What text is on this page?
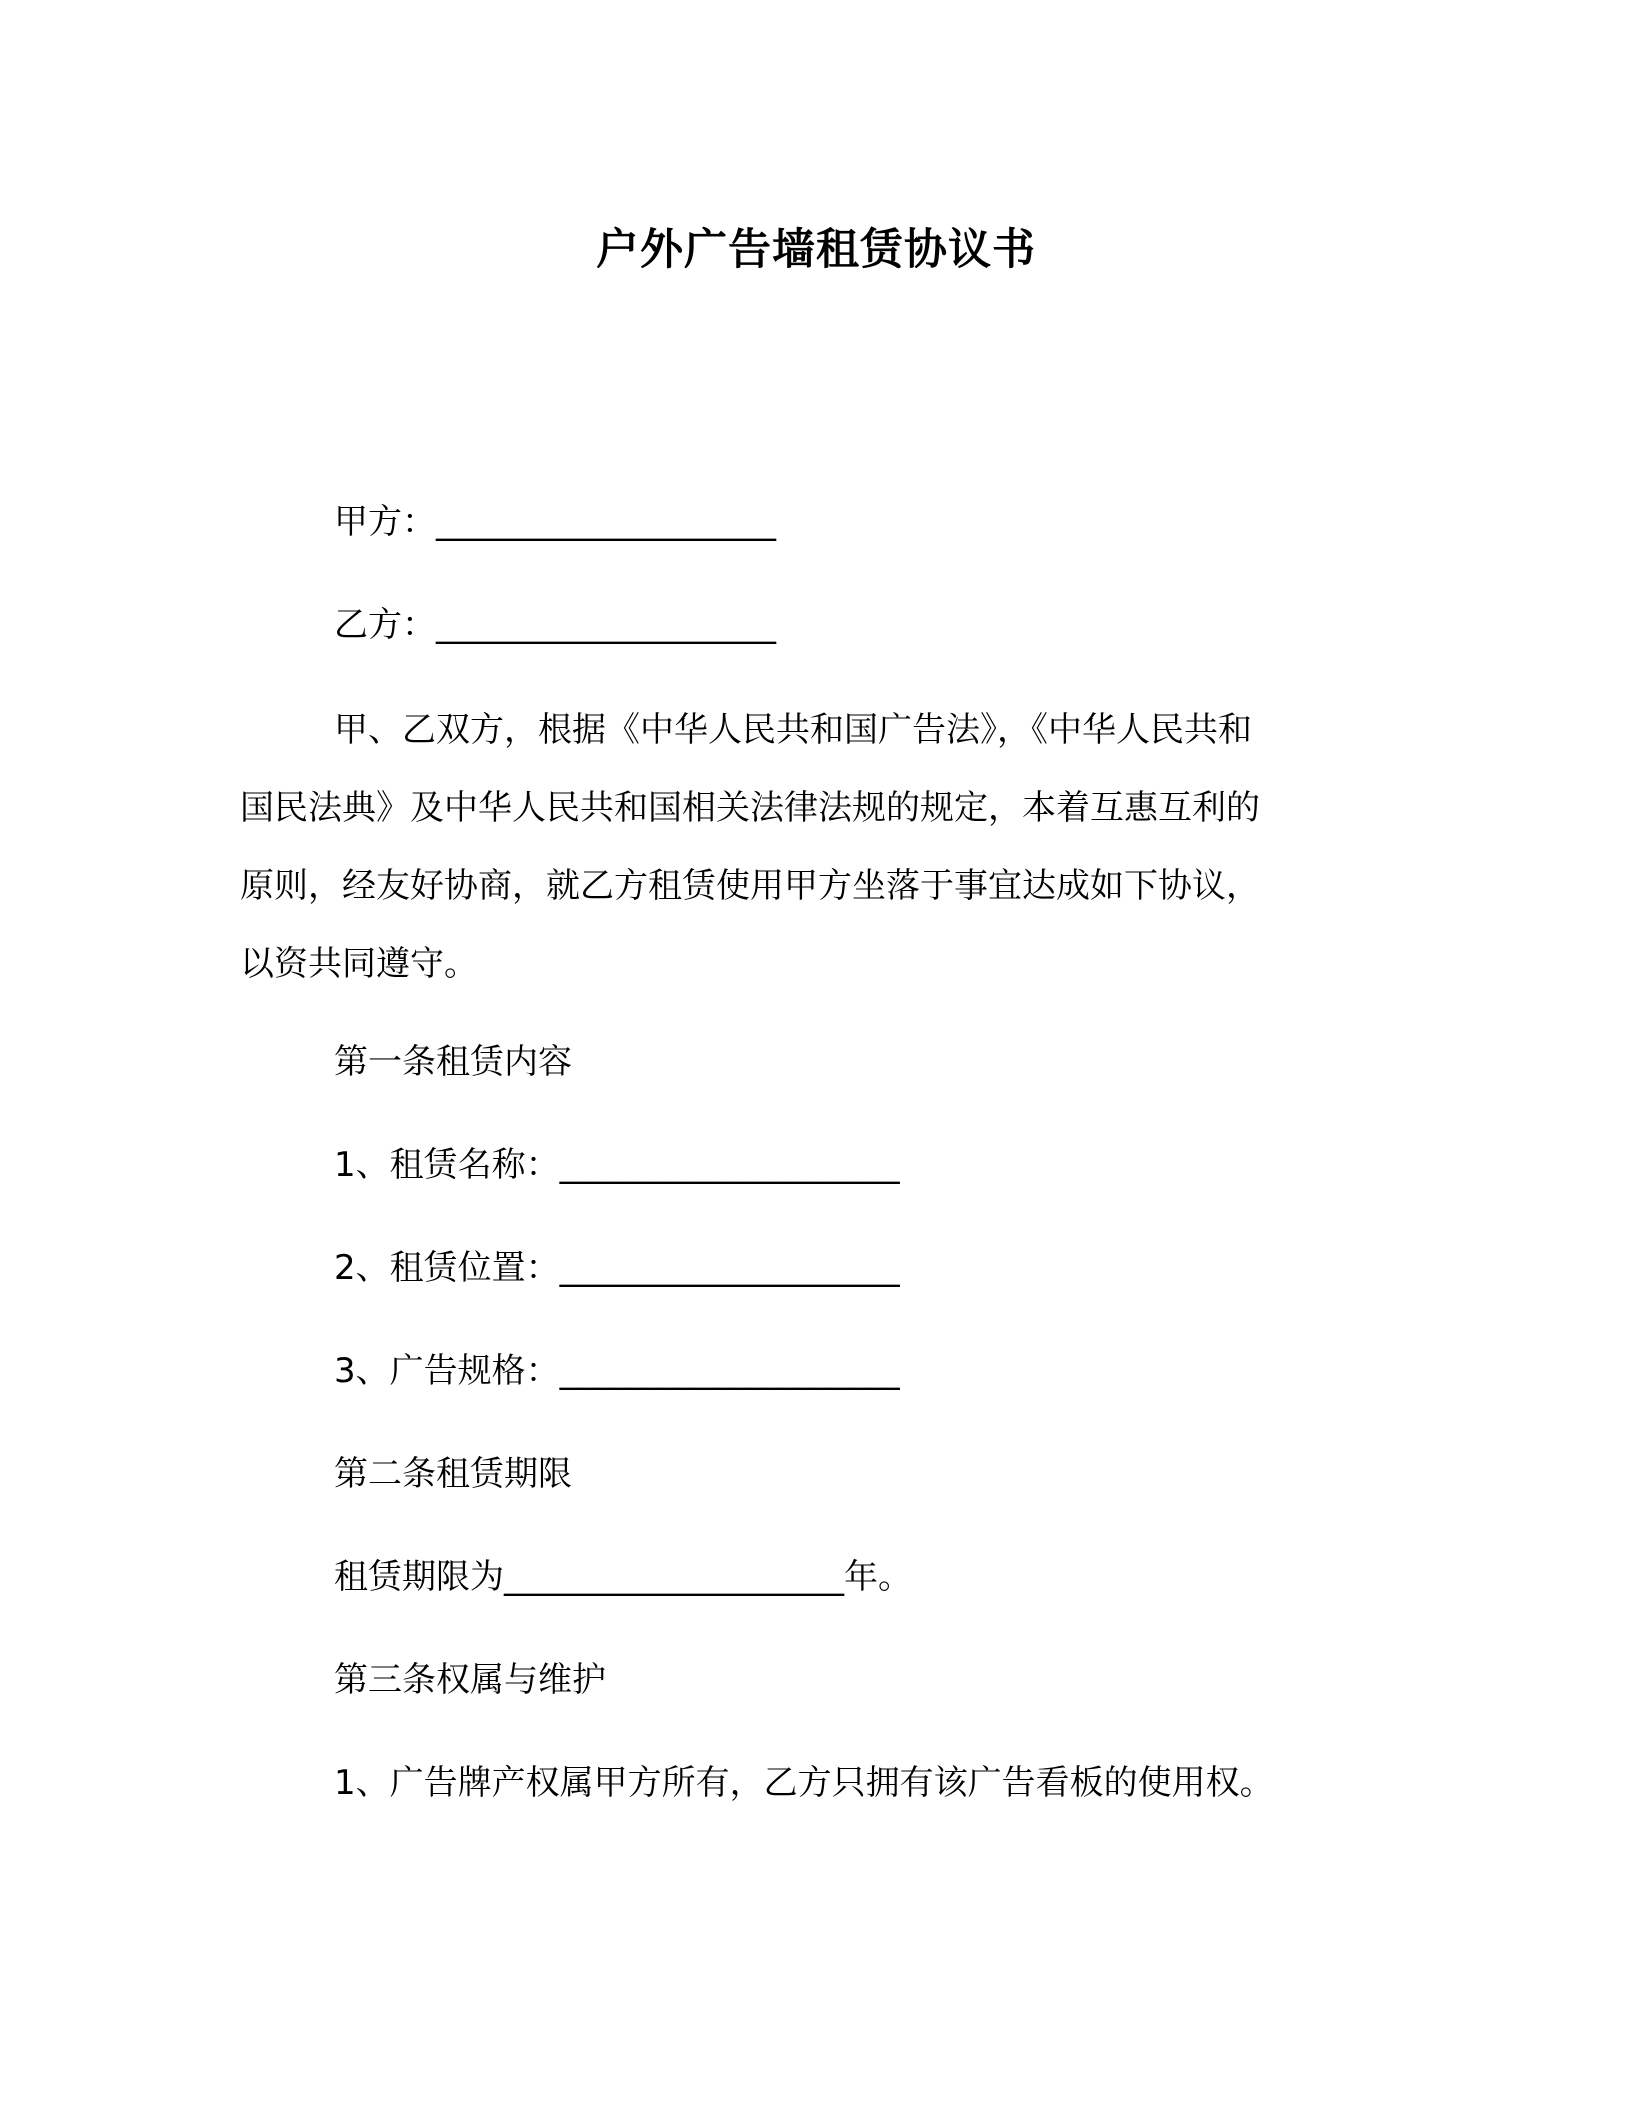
户外广告墙租赁协议书
甲方：____________________
乙方：____________________
甲、乙双方，根据《中华人民共和国广告法》，《中华人民共和
国民法典》及中华人民共和国相关法律法规的规定，本着互惠互利的
原则，经友好协商，就乙方租赁使用甲方坐落于事宜达成如下协议，
以资共同遵守。
第一条租赁内容
1、租赁名称：____________________
2、租赁位置：____________________
3、广告规格：____________________
第二条租赁期限
租赁期限为____________________年。
第三条权属与维护
1、广告牌产权属甲方所有，乙方只拥有该广告看板的使用权。
